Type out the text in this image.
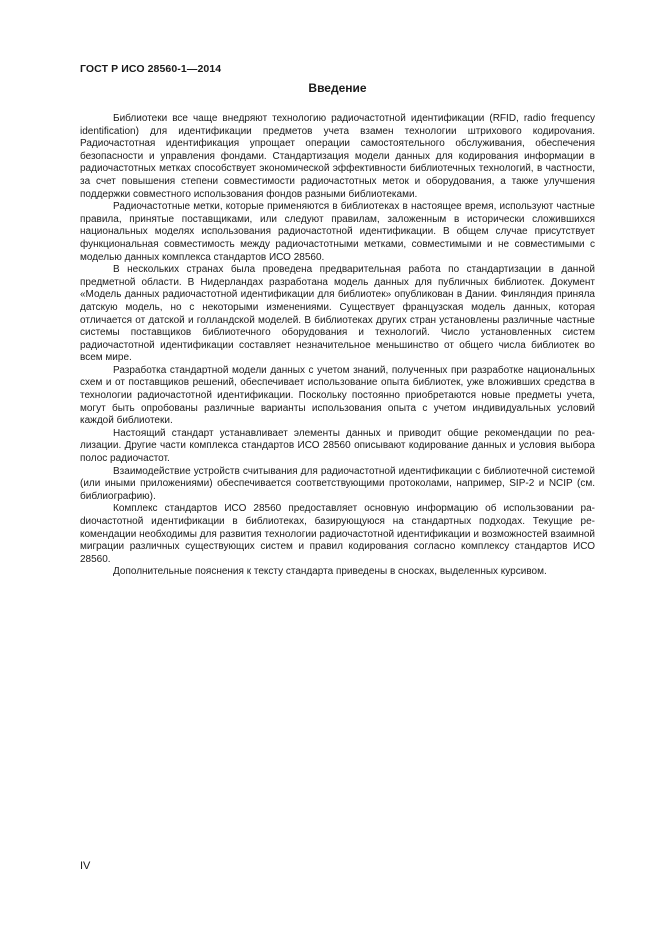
ГОСТ Р ИСО 28560-1—2014
Введение

Библиотеки все чаще внедряют технологию радиочастотной идентификации (RFID, radio frequency identification) для идентификации предметов учета взамен технологии штрихового кодироvания. Радиочастотная идентификация упрощает операции самостоятельного обслуживания, обеспечения безопасности и управления фондами. Стандартизация модели данных для кодирования информации в радиочастотных метках способствует экономической эффективности библиотечных технологий, в частности, за счет повышения степени совместимости радиочастотных меток и оборудования, а также улучшения поддержки совместного использования фондов разными библиотеками.

Радиочастотные метки, которые применяются в библиотеках в настоящее время, используют частные правила, принятые поставщиками, или следуют правилам, заложенным в исторически сложившихся национальных моделях использования радиочастотной идентификации. В общем случае присутствует функциональная совместимость между радиочастотными метками, совместимыми и не совместимыми с моделью данных комплекса стандартов ИСО 28560.

В нескольких странах была проведена предварительная работа по стандартизации в данной предметной области. В Нидерландах разработана модель данных для публичных библиотек. Документ «Модель данных радиочастотной идентификации для библиотек» опубликован в Дании. Финляндия приняла датскую модель, но с некоторыми изменениями. Существует французская модель данных, которая отличается от датской и голландской моделей. В библиотеках других стран установлены различные частные системы поставщиков библиотечного оборудования и технологий. Число установленных систем радиочастотной идентификации составляет незначительное меньшинство от общего числа библиотек во всем мире.

Разработка стандартной модели данных с учетом знаний, полученных при разработке национальных схем и от поставщиков решений, обеспечивает использование опыта библиотек, уже вложивших средства в технологии радиочастотной идентификации. Поскольку постоянно приобретаются новые предметы учета, могут быть опробованы различные варианты использования опыта с учетом индивидуальных условий каждой библиотеки.

Настоящий стандарт устанавливает элементы данных и приводит общие рекомендации по реализации. Другие части комплекса стандартов ИСО 28560 описывают кодирование данных и условия выбора полос радиочастот.

Взаимодействие устройств считывания для радиочастотной идентификации с библиотечной системой (или иными приложениями) обеспечивается соответствующими протоколами, например, SIP-2 и NCIP (см. библиографию).

Комплекс стандартов ИСО 28560 предоставляет основную информацию об использовании раdиочастотной идентификации в библиотеках, базирующуюся на стандартных подходах. Текущие рекомендации необходимы для развития технологии радиочастотной идентификации и возможностей взаимной миграции различных существующих систем и правил кодирования согласно комплексу стандартов ИСО 28560.

Дополнительные пояснения к тексту стандарта приведены в сносках, выделенных курсивом.

IV
